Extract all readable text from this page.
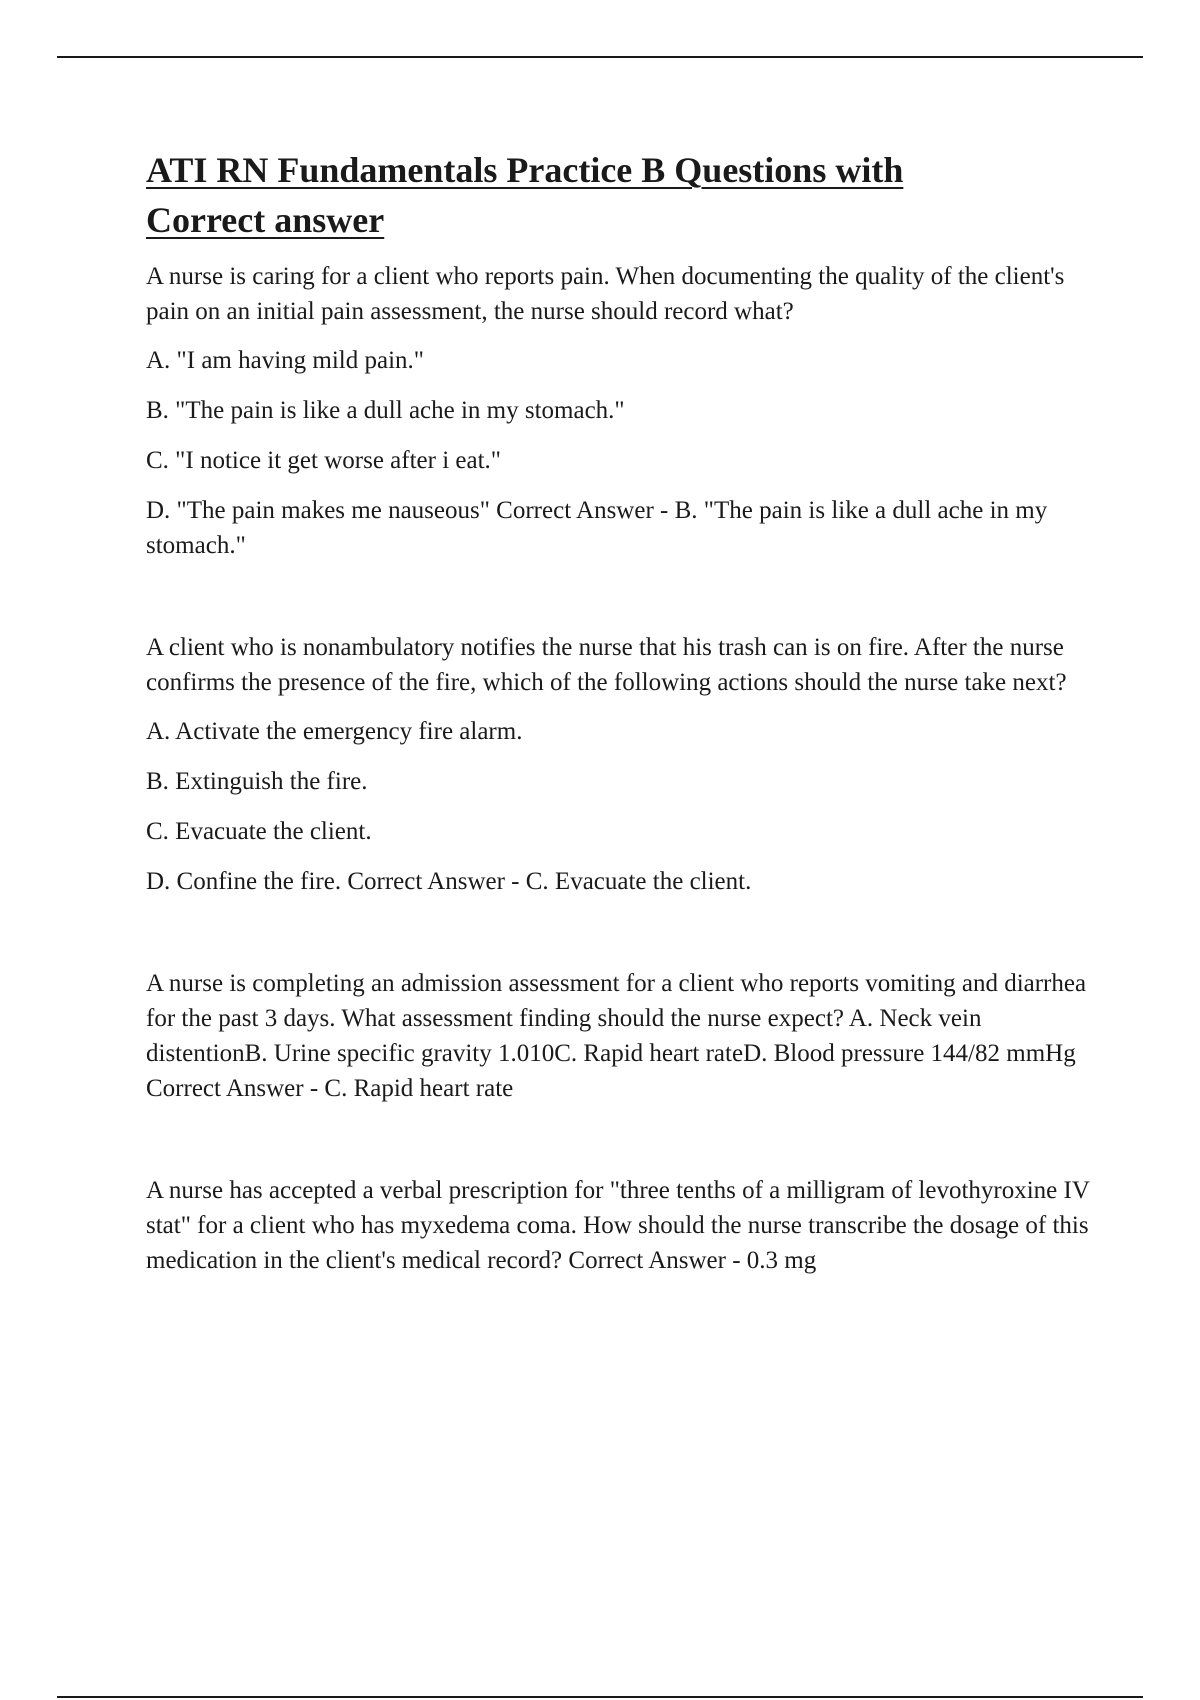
ATI RN Fundamentals Practice B Questions with
Correct answer

A nurse is caring for a client who reports pain. When documenting the quality of the client's pain on an initial pain assessment, the nurse should record what?

A. "I am having mild pain."

B. "The pain is like a dull ache in my stomach."

C. "I notice it get worse after i eat."

D. "The pain makes me nauseous" Correct Answer - B. "The pain is like a dull ache in my stomach."

A client who is nonambulatory notifies the nurse that his trash can is on fire. After the nurse confirms the presence of the fire, which of the following actions should the nurse take next?

A. Activate the emergency fire alarm.

B. Extinguish the fire.

C. Evacuate the client.

D. Confine the fire. Correct Answer - C. Evacuate the client.

A nurse is completing an admission assessment for a client who reports vomiting and diarrhea for the past 3 days. What assessment finding should the nurse expect? A. Neck vein distentionB. Urine specific gravity 1.010C. Rapid heart rateD. Blood pressure 144/82 mmHg Correct Answer - C. Rapid heart rate

A nurse has accepted a verbal prescription for "three tenths of a milligram of levothyroxine IV stat" for a client who has myxedema coma. How should the nurse transcribe the dosage of this medication in the client's medical record? Correct Answer - 0.3 mg
